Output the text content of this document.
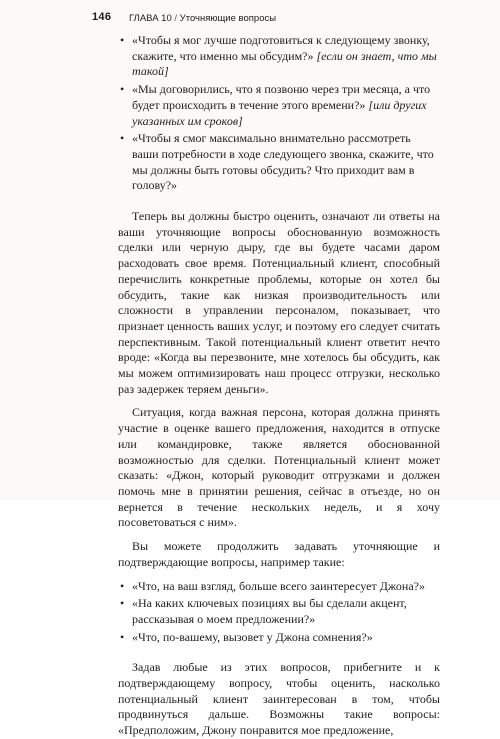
146 ГЛАВА 10 / Уточняющие вопросы
• «Чтобы я мог лучше подготовиться к следующему звонку, скажите, что именно мы обсудим?» [если он знает, что мы такой]
• «Мы договорились, что я позвоню через три месяца, а что будет происходить в течение этого времени?» [или других указанных им сроков]
• «Чтобы я смог максимально внимательно рассмотреть ваши потребности в ходе следующего звонка, скажите, что мы должны быть готовы обсудить? Что приходит вам в голову?»

Теперь вы должны быстро оценить, означают ли ответы на ваши уточняющие вопросы обоснованную возможность сделки или черную дыру, где вы будете часами даром расходовать свое время. Потенциальный клиент, способный перечислить конкретные проблемы, которые он хотел бы обсудить, такие как низкая производительность или сложности в управлении персоналом, показывает, что признает ценность ваших услуг, и поэтому его следует считать перспективным. Такой потенциальный клиент ответит нечто вроде: «Когда вы перезвоните, мне хотелось бы обсудить, как мы можем оптимизировать наш процесс отгрузки, несколько раз задержек теряем деньги».

Ситуация, когда важная персона, которая должна принять участие в оценке вашего предложения, находится в отпуске или командировке, также является обоснованной возможностью для сделки. Потенциальный клиент может сказать: «Джон, который руководит отгрузками и должен помочь мне в принятии решения, сейчас в отъезде, но он вернется в течение нескольких недель, и я хочу посоветоваться с ним».

Вы можете продолжить задавать уточняющие и подтверждающие вопросы, например такие:

• «Что, на ваш взгляд, больше всего заинтересует Джона?»
• «На каких ключевых позициях вы бы сделали акцент, рассказывая о моем предложении?»
• «Что, по-вашему, вызовет у Джона сомнения?»

Задав любые из этих вопросов, прибегните и к подтверждающему вопросу, чтобы оценить, насколько потенциальный клиент заинтересован в том, чтобы продвинуться дальше. Возможны такие вопросы: «Предположим, Джону понравится мое предложение,
